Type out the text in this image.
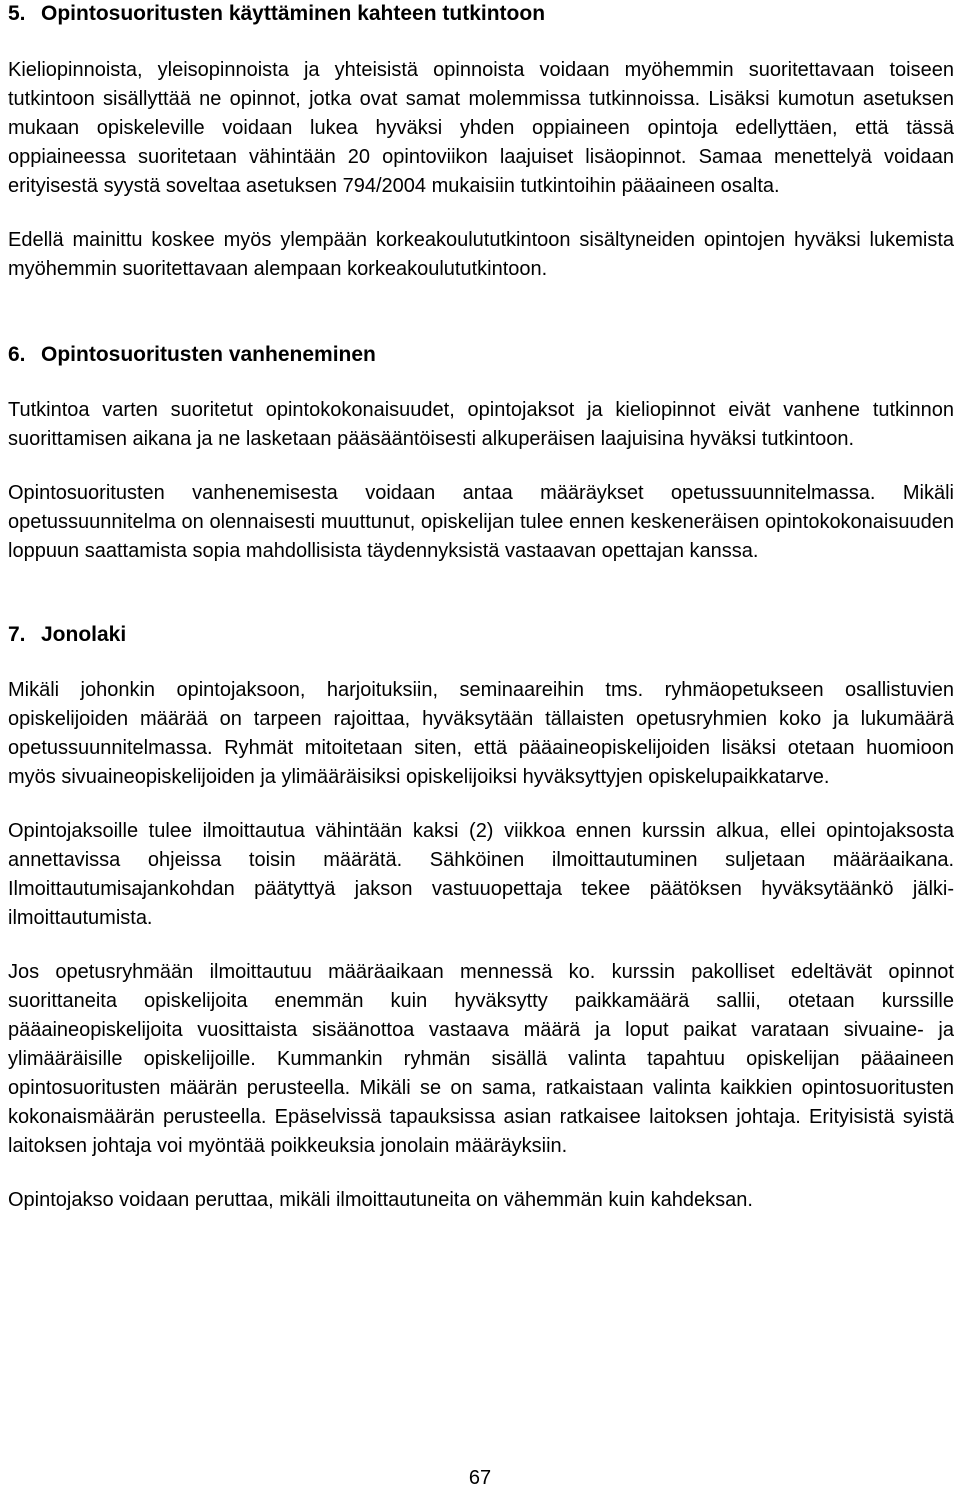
5. Opintosuoritusten käyttäminen kahteen tutkintoon

Kieliopinnoista, yleisopinnoista ja yhteisistä opinnoista voidaan myöhemmin suoritettavaan toiseen tutkintoon sisällyttää ne opinnot, jotka ovat samat molemmissa tutkinnoissa. Lisäksi kumotun asetuksen mukaan opiskeleville voidaan lukea hyväksi yhden oppiaineen opintoja edellyttäen, että tässä oppiaineessa suoritetaan vähintään 20 opintoviikon laajuiset lisäopinnot. Samaa menettelyä voidaan erityisestä syystä soveltaa asetuksen 794/2004 mukaisiin tutkintoihin pääaineen osalta.

Edellä mainittu koskee myös ylempään korkeakoulututkintoon sisältyneiden opintojen hyväksi lukemista myöhemmin suoritettavaan alempaan korkeakoulututkintoon.

6. Opintosuoritusten vanheneminen

Tutkintoa varten suoritetut opintokokonaisuudet, opintojaksot ja kieliopinnot eivät vanhene tutkinnon suorittamisen aikana ja ne lasketaan pääsääntöisesti alkuperäisen laajuisina hyväksi tutkintoon.

Opintosuoritusten vanhenemisesta voidaan antaa määräykset opetussuunnitelmassa. Mikäli opetussuunnitelma on olennaisesti muuttunut, opiskelijan tulee ennen keskeneräisen opintokokonaisuuden loppuun saattamista sopia mahdollisista täydennyksistä vastaavan opettajan kanssa.

7. Jonolaki

Mikäli johonkin opintojaksoon, harjoituksiin, seminaareihin tms. ryhmäopetukseen osallistuvien opiskelijoiden määrää on tarpeen rajoittaa, hyväksytään tällaisten opetusryhmien koko ja lukumäärä opetussuunnitelmassa. Ryhmät mitoitetaan siten, että pääaineopiskelijoiden lisäksi otetaan huomioon myös sivuaineopiskelijoiden ja ylimääräisiksi opiskelijoiksi hyväksyttyjen opiskelupaikkatarve.

Opintojaksoille tulee ilmoittautua vähintään kaksi (2) viikkoa ennen kurssin alkua, ellei opintojaksosta annettavissa ohjeissa toisin määrätä. Sähköinen ilmoittautuminen suljetaan määräaikana. Ilmoittautumisajankohdan päätyttyä jakson vastuuopettaja tekee päätöksen hyväksytäänkö jälki-ilmoittautumista.

Jos opetusryhmään ilmoittautuu määräaikaan mennessä ko. kurssin pakolliset edeltävät opinnot suorittaneita opiskelijoita enemmän kuin hyväksytty paikkamäärä sallii, otetaan kurssille pääaineopiskelijoita vuosittaista sisäänottoa vastaava määrä ja loput paikat varataan sivuaine- ja ylimääräisille opiskelijoille. Kummankin ryhmän sisällä valinta tapahtuu opiskelijan pääaineen opintosuoritusten määrän perusteella. Mikäli se on sama, ratkaistaan valinta kaikkien opintosuoritusten kokonaismäärän perusteella. Epäselvissä tapauksissa asian ratkaisee laitoksen johtaja. Erityisistä syistä laitoksen johtaja voi myöntää poikkeuksia jonolain määräyksiin.

Opintojakso voidaan peruttaa, mikäli ilmoittautuneita on vähemmän kuin kahdeksan.

67
